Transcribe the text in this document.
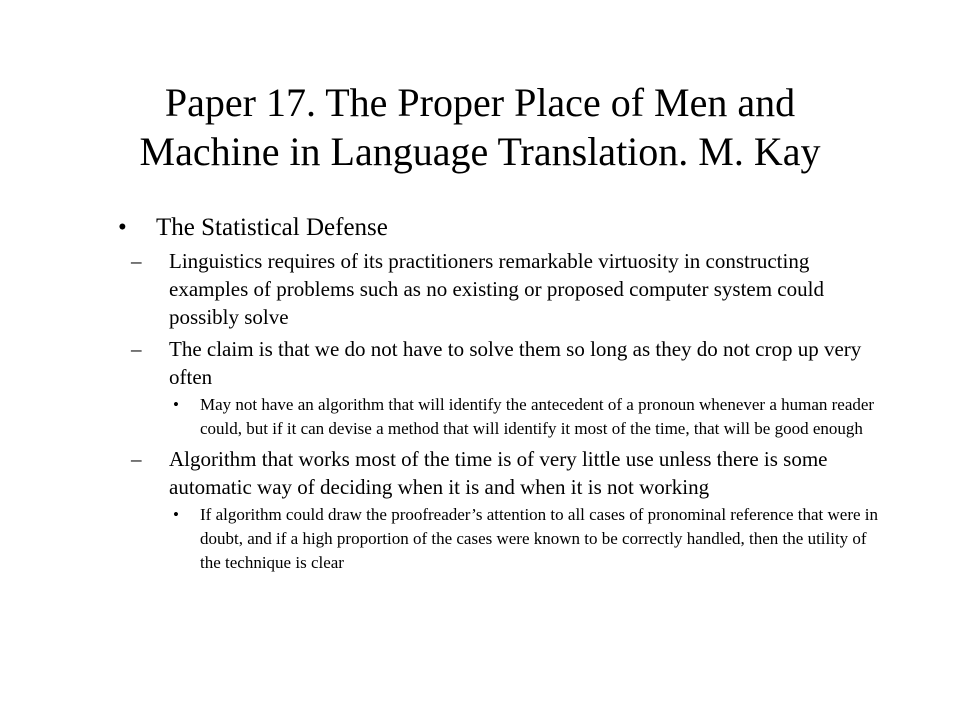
Paper 17. The Proper Place of Men and
Machine in Language Translation. M. Kay
• The Statistical Defense
– Linguistics requires of its practitioners remarkable virtuosity in constructing examples of problems such as no existing or proposed computer system could possibly solve
– The claim is that we do not have to solve them so long as they do not crop up very often
• May not have an algorithm that will identify the antecedent of a pronoun whenever a human reader could, but if it can devise a method that will identify it most of the time, that will be good enough
– Algorithm that works most of the time is of very little use unless there is some automatic way of deciding when it is and when it is not working
• If algorithm could draw the proofreader’s attention to all cases of pronominal reference that were in doubt, and if a high proportion of the cases were known to be correctly handled, then the utility of the technique is clear
